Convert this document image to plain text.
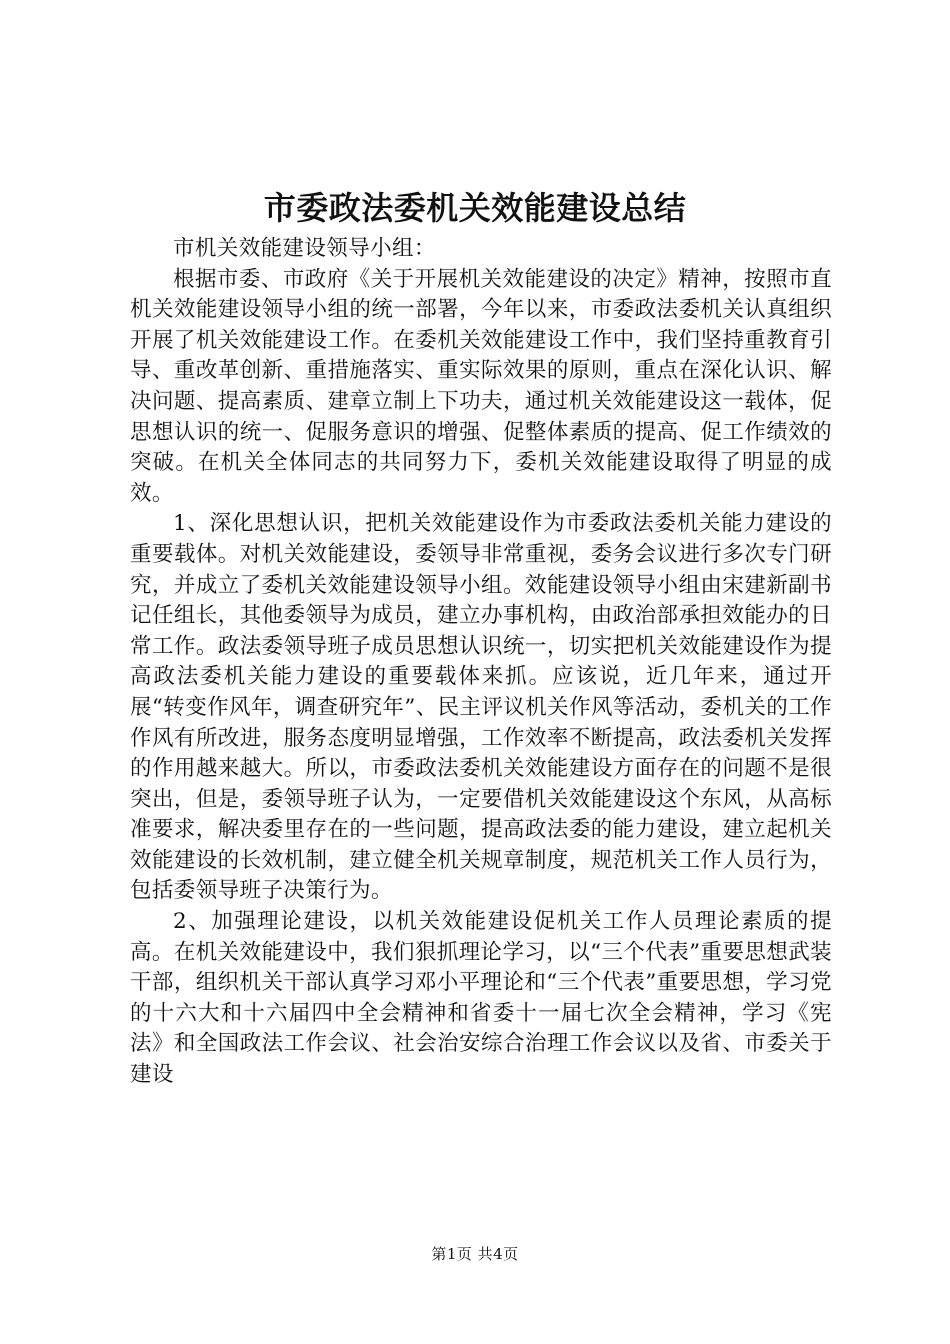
市委政法委机关效能建设总结

市机关效能建设领导小组：

根据市委、市政府《关于开展机关效能建设的决定》精神，按照市直机关效能建设领导小组的统一部署，今年以来，市委政法委机关认真组织开展了机关效能建设工作。在委机关效能建设工作中，我们坚持重教育引导、重改革创新、重措施落实、重实际效果的原则，重点在深化认识、解决问题、提高素质、建章立制上下功夫，通过机关效能建设这一载体，促思想认识的统一、促服务意识的增强、促整体素质的提高、促工作绩效的突破。在机关全体同志的共同努力下，委机关效能建设取得了明显的成效。

1、深化思想认识，把机关效能建设作为市委政法委机关能力建设的重要载体。对机关效能建设，委领导非常重视，委务会议进行多次专门研究，并成立了委机关效能建设领导小组。效能建设领导小组由宋建新副书记任组长，其他委领导为成员，建立办事机构，由政治部承担效能办的日常工作。政法委领导班子成员思想认识统一，切实把机关效能建设作为提高政法委机关能力建设的重要载体来抓。应该说，近几年来，通过开展“转变作风年，调查研究年”、民主评议机关作风等活动，委机关的工作作风有所改进，服务态度明显增强，工作效率不断提高，政法委机关发挥的作用越来越大。所以，市委政法委机关效能建设方面存在的问题不是很突出，但是，委领导班子认为，一定要借机关效能建设这个东风，从高标准要求，解决委里存在的一些问题，提高政法委的能力建设，建立起机关效能建设的长效机制，建立健全机关规章制度，规范机关工作人员行为，包括委领导班子决策行为。

2、加强理论建设，以机关效能建设促机关工作人员理论素质的提高。在机关效能建设中，我们狠抓理论学习，以“三个代表”重要思想武装干部，组织机关干部认真学习邓小平理论和“三个代表”重要思想，学习党的十六大和十六届四中全会精神和省委十一届七次全会精神，学习《宪法》和全国政法工作会议、社会治安综合治理工作会议以及省、市委关于建设

第1页 共4页
